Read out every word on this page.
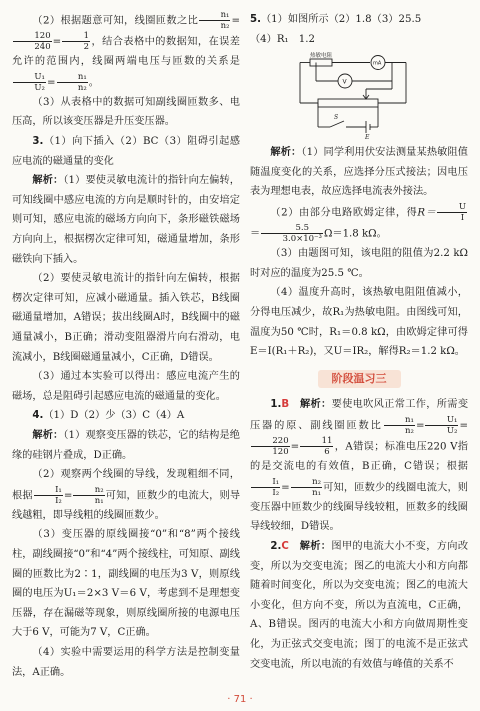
（2）根据题意可知，线圈匝数之比 $\frac{\text{n₁}}{\text{n₂}}$ =
$\frac{120}{240} = \frac{1}{2}$ ，结合表格中的数据知，在误差允许的范围内，线圈两端电压与匝数的关系是
$\frac{\text{U₁}}{\text{U₂}} = \frac{\text{n₁}}{\text{n₂}}$ 。

（3）从表格中的数据可知副线圈匝数多、电压高，所以该变压器是升压变压器。

3.（1）向下插入（2）BC（3）阻碍引起感应电流的磁通量的变化

解析：（1）要使灵敏电流计的指针向左偏转，可知线圈中感应电流的方向是顺时针的，由安培定则可知，感应电流的磁场方向向下，条形磁铁磁场方向向上，根据楞次定律可知，磁通量增加，条形磁铁向下插入。

（2）要使灵敏电流计的指针向左偏转，根据楞次定律可知，应减小磁通量。插入铁芯，B线圈磁通量增加，A错误；拔出线圈A时，B线圈中的磁通量减小，B正确；滑动变阻器滑片向右滑动，电流减小，B线圈磁通量减小，C正确，D错误。

（3）通过本实验可以得出：感应电流产生的磁场，总是阻碍引起感应电流的磁通量的变化。

4.（1）D（2）少（3）C（4）A

解析：（1）观察变压器的铁芯，它的结构是绝缘的硅钢片叠成，D正确。

（2）观察两个线圈的导线，发现粗细不同，根据 $\frac{\text{I₁}}{\text{I₂}} = \frac{\text{n₂}}{\text{n₁}}$ 可知，匝数少的电流大，则导线越粗，即导线粗的线圈匝数少。

（3）变压器的原线圈接“0”和“8”两个接线柱，副线圈接“0”和“4”两个接线柱，可知原、副线圈的匝数比为2∶1，副线圈的电压为3 V，则原线圈的电压为U₁＝2×3 V＝6 V，考虑到不是理想变压器，存在漏磁等现象，则原线圈所接的电源电压大于6 V，可能为7 V，C正确。

（4）实验中需要运用的科学方法是控制变量法，A正确。

5.（1）如图所示（2）1.8（3）25.5

（4）R₁　1.2

热敏电阻
mA
V
S
E

解析：（1）同学利用伏安法测量某热敏阻值随温度变化的关系，应选择分压式接法；因电压表为理想电表，故应选择电流表外接法。

（2）由部分电路欧姆定律，得$R= \frac{U}{I}$
＝ $\frac{5.5}{\text{3.0×10⁻³}} \Omega=1.8$ kΩ。

（3）由题图可知，该电阻的阻值为2.2 kΩ时对应的温度为25.5 ℃。

（4）温度升高时，该热敏电阻阻值减小，分得电压减少，故R₁为热敏电阻。由图线可知，温度为50 ℃时，R₁＝0.8 kΩ，由欧姆定律可得E＝I(R₁＋R₂)，又U＝IR₂，解得R₂＝1.2 kΩ。

阶段温习三

1.B　 解析：要使电吹风正常工作，所需变压器的原、副线圈匝数比 $\frac{\text{n₁}}{\text{n₂}} = \frac{\text{U₁}}{\text{U₂}}$ =
$\frac{220}{120} = \frac{11}{6}$ ，A错误；标准电压220 V指的是交流电的有效值，B正确，C错误；根据
$\frac{\text{I₁}}{\text{I₂}} = \frac{\text{n₂}}{\text{n₁}}$ 可知，匝数少的线圈电流大，则变压器中匝数少的线圈导线较粗，匝数多的线圈导线较细，D错误。

2.C　 解析：图甲的电流大小不变，方向改变，所以为交变电流；图乙的电流大小和方向都随着时间变化，所以为交变电流；图乙的电流大小变化，但方向不变，所以为直流电，C正确，A、B错误。图丙的电流大小和方向做周期性变化，为正弦式交变电流；图丁的电流不是正弦式交变电流，所以电流的有效值与峰值的关系不

· 71 ·
